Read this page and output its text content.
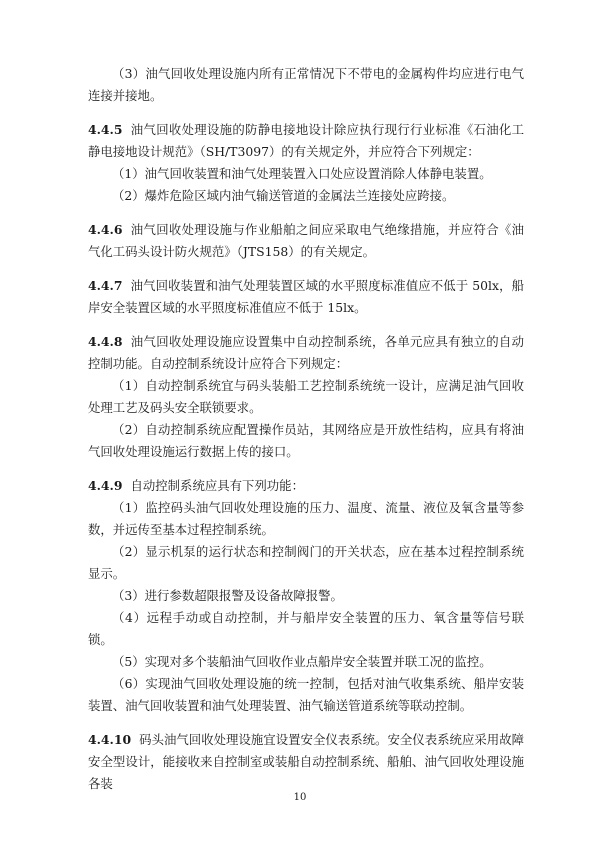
（3）油气回收处理设施内所有正常情况下不带电的金属构件均应进行电气连接并接地。

4.4.5 油气回收处理设施的防静电接地设计除应执行现行行业标准《石油化工静电接地设计规范》（SH/T3097）的有关规定外，并应符合下列规定：

（1）油气回收装置和油气处理装置入口处应设置消除人体静电装置。

（2）爆炸危险区域内油气输送管道的金属法兰连接处应跨接。

4.4.6 油气回收处理设施与作业船舶之间应采取电气绝缘措施，并应符合《油气化工码头设计防火规范》（JTS158）的有关规定。

4.4.7 油气回收装置和油气处理装置区域的水平照度标准值应不低于 50lx，船岸安全装置区域的水平照度标准值应不低于 15lx。

4.4.8 油气回收处理设施应设置集中自动控制系统，各单元应具有独立的自动控制功能。自动控制系统设计应符合下列规定：

（1）自动控制系统宜与码头装船工艺控制系统统一设计，应满足油气回收处理工艺及码头安全联锁要求。

（2）自动控制系统应配置操作员站，其网络应是开放性结构，应具有将油气回收处理设施运行数据上传的接口。

4.4.9 自动控制系统应具有下列功能：

（1）监控码头油气回收处理设施的压力、温度、流量、液位及氧含量等参数，并远传至基本过程控制系统。

（2）显示机泵的运行状态和控制阀门的开关状态，应在基本过程控制系统显示。

（3）进行参数超限报警及设备故障报警。

（4）远程手动或自动控制，并与船岸安全装置的压力、氧含量等信号联锁。

（5）实现对多个装船油气回收作业点船岸安全装置并联工况的监控。

（6）实现油气回收处理设施的统一控制，包括对油气收集系统、船岸安装装置、油气回收装置和油气处理装置、油气输送管道系统等联动控制。

4.4.10 码头油气回收处理设施宜设置安全仪表系统。安全仪表系统应采用故障安全型设计，能接收来自控制室或装船自动控制系统、船舶、油气回收处理设施各装

10
